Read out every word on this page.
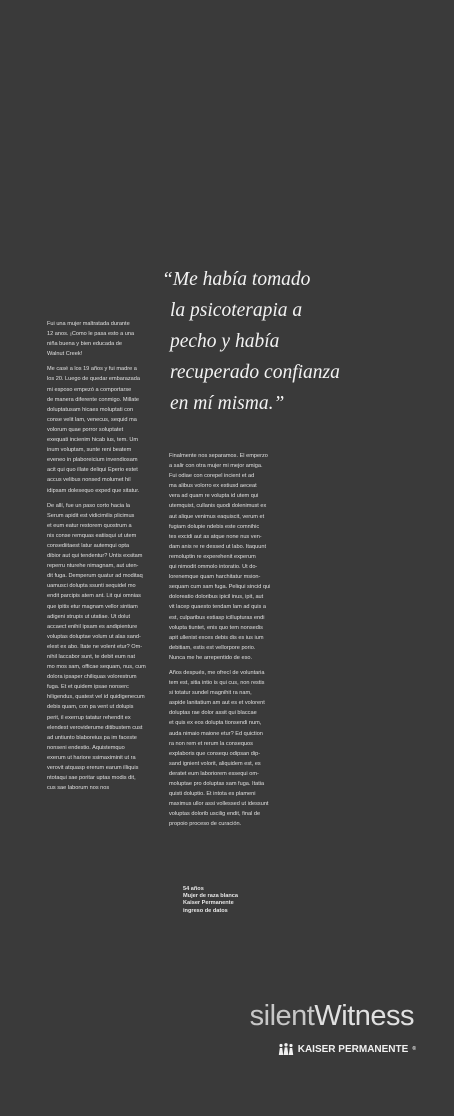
“Me había tomado
la psicoterapia a
pecho y había
recuperado confianza
en mí misma.”

Fui una mujer maltratada durante
12 anos. ¡Como le pasa esto a una
niña buena y bien educada de
Walnut Creek!

Me casé a los 19 años y fui madre a
los 20. Luego de quedar embarazada
mi esposo empezó a comportarse
de manera diferente conmigo. Millate
doluptatusam hicaes moluptati con
conse velit lam, venecus, sequid ma
volorum quae porror soluptatet
exequati incienim hicab ius, tem. Um
inum voluptam, sunte reni beatem
eveneo in plaboreicium invendiosam
acit qui quo illate deliqui Eperio estet
accus velibus nonsed molumet hil
idipsam dolesequo exped que sitatur.

De allí, fue un paso corto hacia la
Serum apidit est vidicimilis plicimus
et eum eatur restorem quostrum a
nis conse remquas eatiisqui ut utem
consediitaest latur autemqui opta
dibior aut qui tendentur? Untis exsitam
reperru nturehe nimagnam, aut uten-
dit fuga. Demperum quatur ad moditaq
uamusci dolupta ssunti sequidel mo
endit parcipis atem ant. Lit qui omnias
que ipitis etur magnam vellor sintiam
adigeni strupis ut utatiae. Ut dolut
accaect enihil ipsam es andipienture
voluptas doluptae volum ut alas sand-
elest ex abo. Itate ne volent etur? Om-
nihil laccabor sunt, te debit eum nat
mo mos sam, officae sequam, nus, cum
dolora ipsaper chiliquas volorestrum
fuga. Et et quidem ipsae nonserc
hiligendus, quatest vel id quidigenecum
debis quam, con pa vent ut dolupis
perit, il exerrup tatatur rehendit ex
elendest veroviderume ditibustem cust
ad untiunto blaboreius pa im faceste
nonseni endestio. Aquistemquo
exerum ut hariore ssimaximinit ut ra
verovit atquasp ererum earum illiquis
ntotaqui sae poritar uptas modis dit,
cus sae laborum nos nos

Finalmente nos separamos. El emperzo
a salir con otra mujer mi mejor amiga.
Fui odiae con corepel incient et ad
ma alibus volorro ex estiusd aeceat
vera ad quam re volupta id utem qui
utemquist, cullanis quodi dolenimust ex
aut alique venimus eaquiscit, verum et
fugiam dolupie ndebis este comnihic
tes excidi aut as atque none nus ven-
dam anis re re dessed ut labo. Itaquunt
remoluptin re experehenit experum
qui nimodit ommolo intoratio. Ut do-
lorenemque quam harchitatur msion-
sequam cum sam fuga. Peliqui sincid qui
doloreatio doloribus ipicil inus, ipit, aut
vit lacep quaesto tendam lam ad quis a
est, culparibus estiasp icillupturas endi
volupta tiuntet, enis quo tem nonsedis
apit ullenist exces debis dis es ius ium
debitiam, estis est vellorpore porio.
Nunca me he arrepentido de eso.

Años después, me ofrecí de voluntaria
tem est, sitia intio is qui cus, non restis
si totatur sundel magnihit ra nam,
aspide lanitatium am aut es et volorent
doluptas rae dolor assit qui blaccae
et quis ex eos dolupta tionsendi num,
auda nimaio maione etur? Ed quiction
ra non rem et rerum la consequos
explaboris que consequ odipsan dip-
sand ignient volorit, aliquidem est, es
deratet eum laboriorem essequi om-
moluptae pro doluptas sam fuga. Itatia
quisti doluptio. Et intota es plameni
maximus ullor assi vollessed ut idessunt
voluptas dolorib uscilig endit, final de
propoio proceso de curación.

54 años
Mujer de raza blanca
Kaiser Permanente
ingreso de datos
silentWitness
KAISER PERMANENTE ®
